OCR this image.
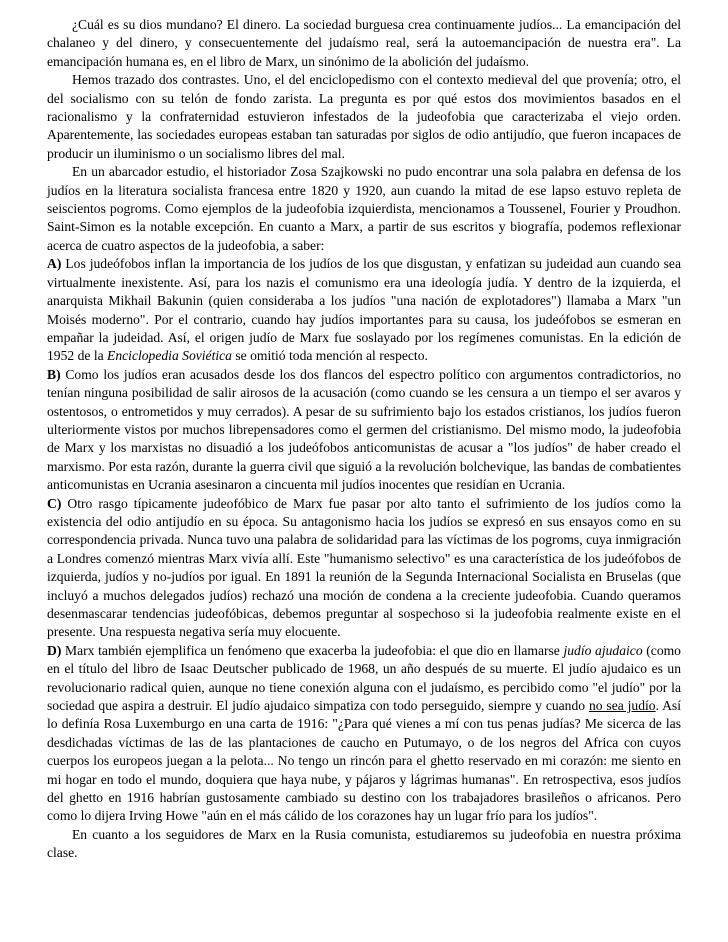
¿Cuál es su dios mundano? El dinero. La sociedad burguesa crea continuamente judíos... La emancipación del chalaneo y del dinero, y consecuentemente del judaísmo real, será la autoemancipación de nuestra era". La emancipación humana es, en el libro de Marx, un sinónimo de la abolición del judaísmo.

Hemos trazado dos contrastes. Uno, el del enciclopedismo con el contexto medieval del que provenía; otro, el del socialismo con su telón de fondo zarista. La pregunta es por qué estos dos movimientos basados en el racionalismo y la confraternidad estuvieron infestados de la judeofobia que caracterizaba el viejo orden. Aparentemente, las sociedades europeas estaban tan saturadas por siglos de odio antijudío, que fueron incapaces de producir un iluminismo o un socialismo libres del mal.

En un abarcador estudio, el historiador Zosa Szajkowski no pudo encontrar una sola palabra en defensa de los judíos en la literatura socialista francesa entre 1820 y 1920, aun cuando la mitad de ese lapso estuvo repleta de seiscientos pogroms. Como ejemplos de la judeofobia izquierdista, mencionamos a Toussenel, Fourier y Proudhon. Saint-Simon es la notable excepción. En cuanto a Marx, a partir de sus escritos y biografía, podemos reflexionar acerca de cuatro aspectos de la judeofobia, a saber:

A) Los judeófobos inflan la importancia de los judíos de los que disgustan, y enfatizan su judeidad aun cuando sea virtualmente inexistente. Así, para los nazis el comunismo era una ideología judía. Y dentro de la izquierda, el anarquista Mikhail Bakunin (quien consideraba a los judíos "una nación de explotadores") llamaba a Marx "un Moisés moderno". Por el contrario, cuando hay judíos importantes para su causa, los judeófobos se esmeran en empañar la judeidad. Así, el origen judío de Marx fue soslayado por los regímenes comunistas. En la edición de 1952 de la Enciclopedia Soviética se omitió toda mención al respecto.

B) Como los judíos eran acusados desde los dos flancos del espectro político con argumentos contradictorios, no tenían ninguna posibilidad de salir airosos de la acusación (como cuando se les censura a un tiempo el ser avaros y ostentosos, o entrometidos y muy cerrados). A pesar de su sufrimiento bajo los estados cristianos, los judíos fueron ulteriormente vistos por muchos librepensadores como el germen del cristianismo. Del mismo modo, la judeofobia de Marx y los marxistas no disuadió a los judeófobos anticomunistas de acusar a "los judíos" de haber creado el marxismo. Por esta razón, durante la guerra civil que siguió a la revolución bolchevique, las bandas de combatientes anticomunistas en Ucrania asesinaron a cincuenta mil judíos inocentes que residían en Ucrania.

C) Otro rasgo típicamente judeofóbico de Marx fue pasar por alto tanto el sufrimiento de los judíos como la existencia del odio antijudío en su época. Su antagonismo hacia los judíos se expresó en sus ensayos como en su correspondencia privada. Nunca tuvo una palabra de solidaridad para las víctimas de los pogroms, cuya inmigración a Londres comenzó mientras Marx vivía allí. Este "humanismo selectivo" es una característica de los judeófobos de izquierda, judíos y no-judíos por igual. En 1891 la reunión de la Segunda Internacional Socialista en Bruselas (que incluyó a muchos delegados judíos) rechazó una moción de condena a la creciente judeofobia. Cuando queramos desenmascarar tendencias judeofóbicas, debemos preguntar al sospechoso si la judeofobia realmente existe en el presente. Una respuesta negativa sería muy elocuente.

D) Marx también ejemplifica un fenómeno que exacerba la judeofobia: el que dio en llamarse judío ajudaico (como en el título del libro de Isaac Deutscher publicado de 1968, un año después de su muerte. El judío ajudaico es un revolucionario radical quien, aunque no tiene conexión alguna con el judaísmo, es percibido como "el judío" por la sociedad que aspira a destruir. El judío ajudaico simpatiza con todo perseguido, siempre y cuando no sea judío. Así lo definía Rosa Luxemburgo en una carta de 1916: "¿Para qué vienes a mí con tus penas judías? Me sicerca de las desdichadas víctimas de las de las plantaciones de caucho en Putumayo, o de los negros del Africa con cuyos cuerpos los europeos juegan a la pelota... No tengo un rincón para el ghetto reservado en mi corazón: me siento en mi hogar en todo el mundo, doquiera que haya nube, y pájaros y lágrimas humanas". En retrospectiva, esos judíos del ghetto en 1916 habrían gustosamente cambiado su destino con los trabajadores brasileños o africanos. Pero como lo dijera Irving Howe "aún en el más cálido de los corazones hay un lugar frío para los judíos".

En cuanto a los seguidores de Marx en la Rusia comunista, estudiaremos su judeofobia en nuestra próxima clase.
